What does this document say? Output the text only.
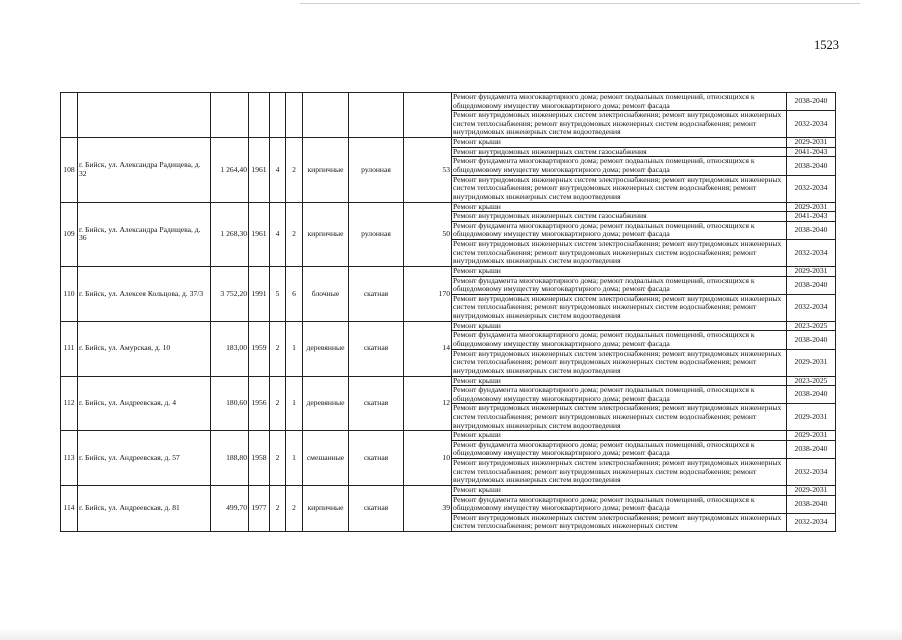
1523
									Ремонт фундамента многоквартирного дома; ремонт подвальных помещений, относящихся к общедомовому имуществу многоквартирного дома; ремонт фасада	2038-2040
									Ремонт внутридомовых инженерных систем электроснабжения; ремонт внутридомовых инженерных систем теплоснабжения; ремонт внутридомовых инженерных систем водоснабжения; ремонт внутридомовых инженерных систем водоотведения	2032-2034
108	г. Бийск, ул. Александра Радищева, д. 32	1 264,40	1961	4	2	кирпичные	рулонная	53	Ремонт крыши	2029-2031
									Ремонт внутридомовых инженерных систем газоснабжения	2041-2043
									Ремонт фундамента многоквартирного дома; ремонт подвальных помещений, относящихся к общедомовому имуществу многоквартирного дома; ремонт фасада	2038-2040
									Ремонт внутридомовых инженерных систем электроснабжения; ремонт внутридомовых инженерных систем теплоснабжения; ремонт внутридомовых инженерных систем водоснабжения; ремонт внутридомовых инженерных систем водоотведения	2032-2034
109	г. Бийск, ул. Александра Радищева, д. 36	1 268,30	1961	4	2	кирпичные	рулонная	50	Ремонт крыши	2029-2031
									Ремонт внутридомовых инженерных систем газоснабжения	2041-2043
									Ремонт фундамента многоквартирного дома; ремонт подвальных помещений, относящихся к общедомовому имуществу многоквартирного дома; ремонт фасада	2038-2040
									Ремонт внутридомовых инженерных систем электроснабжения; ремонт внутридомовых инженерных систем теплоснабжения; ремонт внутридомовых инженерных систем водоснабжения; ремонт внутридомовых инженерных систем водоотведения	2032-2034
110	г. Бийск, ул. Алексея Кольцова, д. 37/3	3 752,20	1991	5	6	блочные	скатная	170	Ремонт крыши	2029-2031
									Ремонт фундамента многоквартирного дома; ремонт подвальных помещений, относящихся к общедомовому имуществу многоквартирного дома; ремонт фасада	2038-2040
									Ремонт внутридомовых инженерных систем электроснабжения; ремонт внутридомовых инженерных систем теплоснабжения; ремонт внутридомовых инженерных систем водоснабжения; ремонт внутридомовых инженерных систем водоотведения	2032-2034
111	г. Бийск, ул. Амурская, д. 10	183,00	1959	2	1	деревянные	скатная	14	Ремонт крыши	2023-2025
									Ремонт фундамента многоквартирного дома; ремонт подвальных помещений, относящихся к общедомовому имуществу многоквартирного дома; ремонт фасада	2038-2040
									Ремонт внутридомовых инженерных систем электроснабжения; ремонт внутридомовых инженерных систем теплоснабжения; ремонт внутридомовых инженерных систем водоснабжения; ремонт внутридомовых инженерных систем водоотведения	2029-2031
112	г. Бийск, ул. Андреевская, д. 4	180,60	1956	2	1	деревянные	скатная	12	Ремонт крыши	2023-2025
									Ремонт фундамента многоквартирного дома; ремонт подвальных помещений, относящихся к общедомовому имуществу многоквартирного дома; ремонт фасада	2038-2040
									Ремонт внутридомовых инженерных систем электроснабжения; ремонт внутридомовых инженерных систем теплоснабжения; ремонт внутридомовых инженерных систем водоснабжения; ремонт внутридомовых инженерных систем водоотведения	2029-2031
113	г. Бийск, ул. Андреевская, д. 57	188,80	1958	2	1	смешанные	скатная	10	Ремонт крыши	2029-2031
									Ремонт фундамента многоквартирного дома; ремонт подвальных помещений, относящихся к общедомовому имуществу многоквартирного дома; ремонт фасада	2038-2040
									Ремонт внутридомовых инженерных систем электроснабжения; ремонт внутридомовых инженерных систем теплоснабжения; ремонт внутридомовых инженерных систем водоснабжения; ремонт внутридомовых инженерных систем водоотведения	2032-2034
114	г. Бийск, ул. Андреевская, д. 81	499,70	1977	2	2	кирпичные	скатная	39	Ремонт крыши	2029-2031
									Ремонт фундамента многоквартирного дома; ремонт подвальных помещений, относящихся к общедомовому имуществу многоквартирного дома; ремонт фасада	2038-2040
									Ремонт внутридомовых инженерных систем электроснабжения; ремонт внутридомовых инженерных систем теплоснабжения; ремонт внутридомовых инженерных систем	2032-2034
